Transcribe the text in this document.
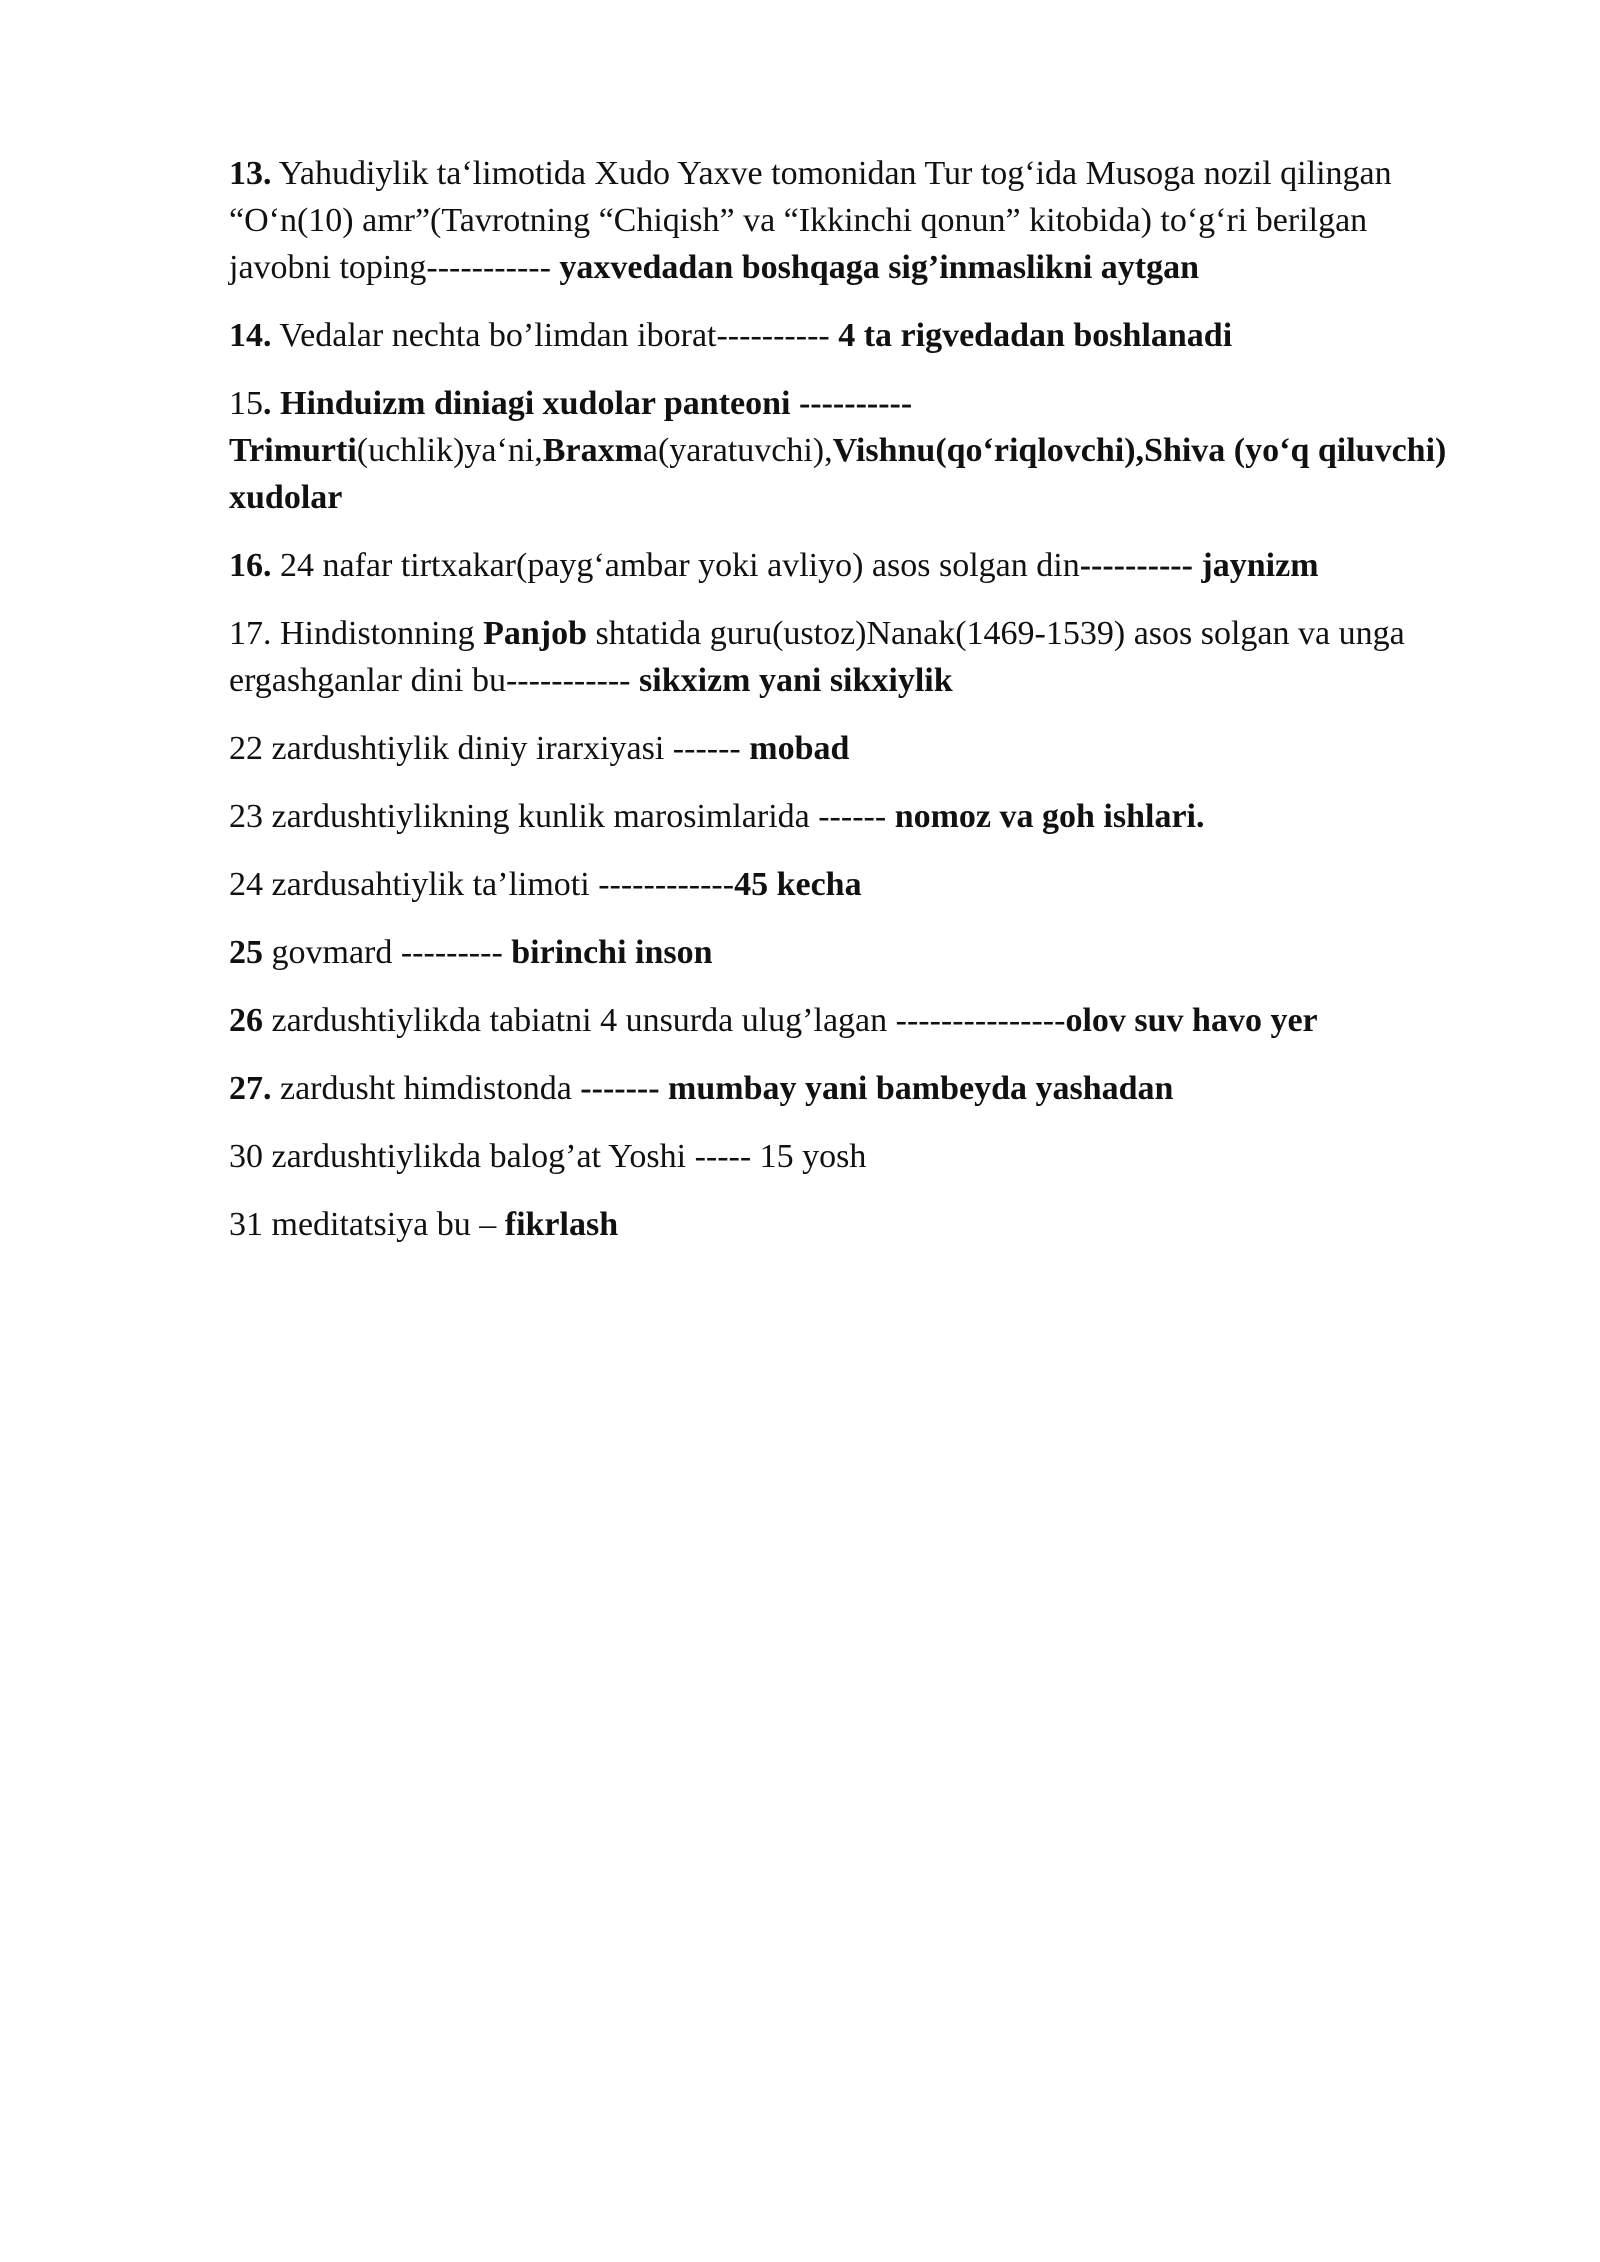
13. Yahudiylik ta‘limotida Xudo Yaxve tomonidan Tur tog‘ida Musoga nozil qilingan “O‘n(10) amr”(Tavrotning “Chiqish” va “Ikkinchi qonun” kitobida) to‘g‘ri berilgan javobni toping----------- yaxvedadan boshqaga sig’inmaslikni aytgan

14. Vedalar nechta bo’limdan iborat---------- 4 ta rigvedadan boshlanadi

15. Hinduizm diniagi xudolar panteoni ---------- Trimurti(uchlik)ya‘ni,Braxma(yaratuvchi),Vishnu(qo‘riqlovchi),Shiva (yo‘q qiluvchi) xudolar

16. 24 nafar tirtxakar(payg‘ambar yoki avliyo) asos solgan din---------- jaynizm

17. Hindistonning Panjob shtatida guru(ustoz)Nanak(1469-1539) asos solgan va unga ergashganlar dini bu----------- sikxizm yani sikxiylik

22 zardushtiylik diniy irarxiyasi ------ mobad

23 zardushtiylikning kunlik marosimlarida ------ nomoz va goh ishlari.

24 zardusahtiylik ta’limoti ------------45 kecha

25 govmard --------- birinchi inson

26 zardushtiylikda tabiatni 4 unsurda ulug’lagan ---------------olov suv havo yer

27. zardusht himdistonda ------- mumbay yani bambeyda yashadan

30 zardushtiylikda balog’at Yoshi ----- 15 yosh

31 meditatsiya bu – fikrlash
